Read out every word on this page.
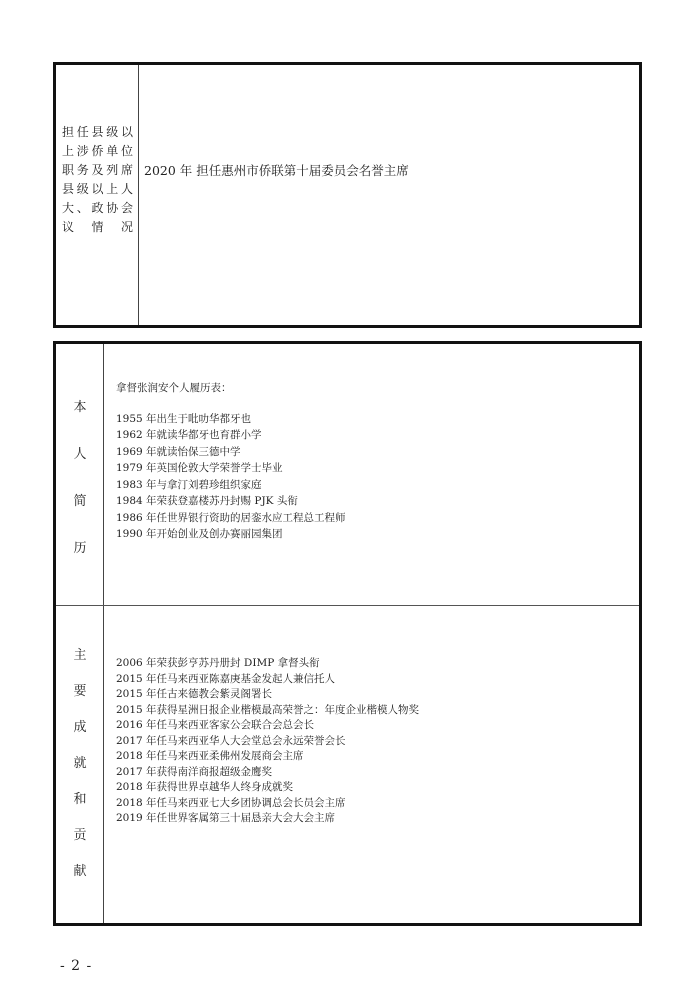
担任县级以上涉侨单位职务及列席县级以上人大、政协会议情况
2020 年 担任惠州市侨联第十届委员会名誉主席
本
人
简
历
主
要
成
就
和
贡
献
拿督张润安个人履历表：
1955 年出生于吡叻华都牙也
1962 年就读华都牙也育群小学
1969 年就读怡保三德中学
1979 年英国伦敦大学荣誉学士毕业
1983 年与拿汀刘碧珍组织家庭
1984 年荣获登嘉楼苏丹封赐 PJK 头衔
1986 年任世界银行资助的居銮水应工程总工程师
1990 年开始创业及创办赛丽园集团
2006 年荣获彭亨苏丹册封 DIMP 拿督头衔
2015 年任马来西亚陈嘉庚基金发起人兼信托人
2015 年任古来德教会紫灵阁署长
2015 年获得星洲日报企业楷模最高荣誉之：年度企业楷模人物奖
2016 年任马来西亚客家公会联合会总会长
2017 年任马来西亚华人大会堂总会永远荣誉会长
2018 年任马来西亚柔佛州发展商会主席
2017 年获得南洋商报超级金鹰奖
2018 年获得世界卓越华人终身成就奖
2018 年任马来西亚七大乡团协调总会长员会主席
2019 年任世界客属第三十届恳亲大会大会主席
- 2 -
